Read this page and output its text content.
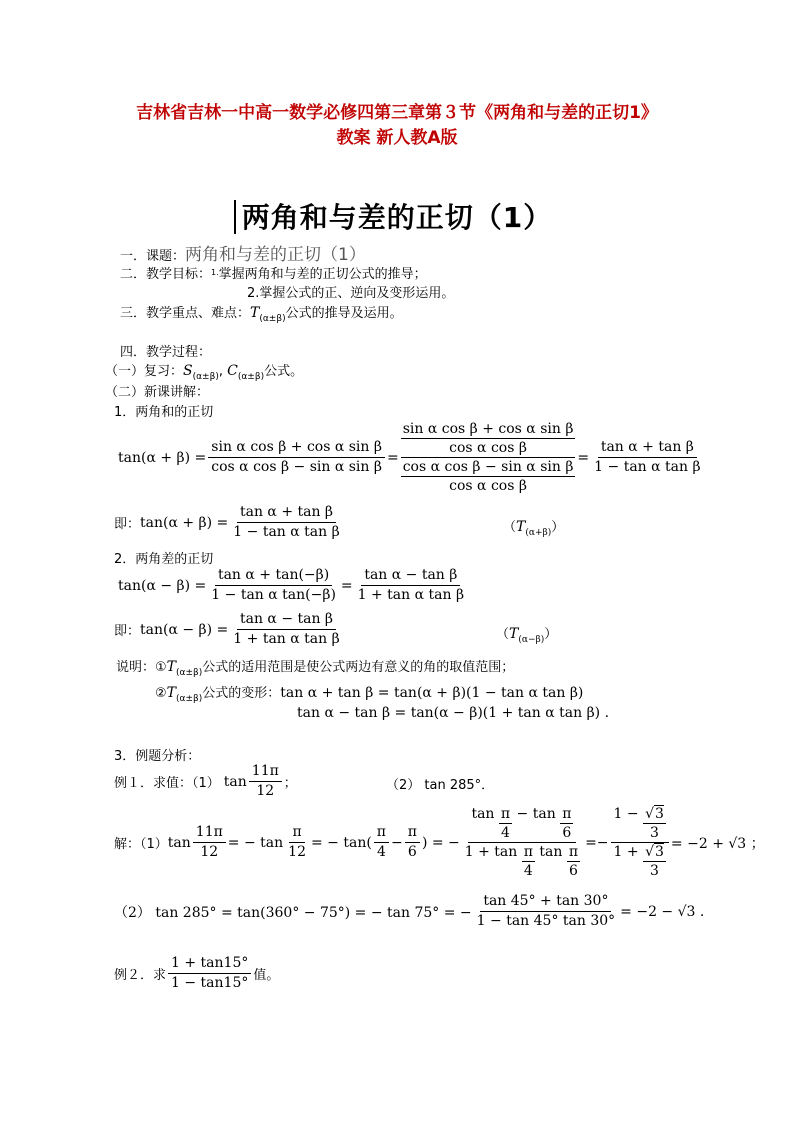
吉林省吉林一中高一数学必修四第三章第３节《两角和与差的正切1》
教案 新人教A版
两角和与差的正切（1）
一．课题：两角和与差的正切（1）
二．教学目标：$^{1.}$掌握两角和与差的正切公式的推导；
2.掌握公式的正、逆向及变形运用。
三．教学重点、难点：$T_{(\alpha\pm\beta)}$公式的推导及运用。
四．教学过程：
（一）复习：$S_{(\alpha\pm\beta)}$, $C_{(\alpha\pm\beta)}$公式。
（二）新课讲解：
1．两角和的正切
$\tan(\alpha + \beta) = \frac{\text{sin α cos β + cos α sin β}}{\text{cos α cos β − sin α sin β}} = \frac{\frac{\text{sin α cos β + cos α sin β}}{\text{cos α cos β}}}{\frac{\text{cos α cos β − sin α sin β}}{\text{cos α cos β}}} = \frac{\text{tan α + tan β}}{\text{1 − tan α tan β}}$
即： $\tan(\alpha + \beta) = \frac{\text{tan α + tan β}}{\text{1 − tan α tan β}}$	$(T_{(\alpha+\beta)})$
2．两角差的正切
$\tan(\alpha - \beta) = \frac{\text{tan α + tan(−β)}}{\text{1 − tan α tan(−β)}} = \frac{\text{tan α − tan β}}{\text{1 + tan α tan β}}$
即： $\tan(\alpha - \beta) = \frac{\text{tan α − tan β}}{\text{1 + tan α tan β}}$	$(T_{(\alpha-\beta)})$
说明：$①T_{(\alpha\pm\beta)}$公式的适用范围是使公式两边有意义的角的取值范围；
$②T_{(\alpha\pm\beta)}$公式的变形：tan α + tan β = tan(α + β)(1 − tan α tan β)
tan α − tan β = tan(α − β)(1 + tan α tan β) .
3．例题分析：
例１．求值：（1） $\tan \frac{11\pi}{12}$ ；	（2） tan 285°．
解：（1） $\tan \frac{11\pi}{12}$ = − $\tan \frac{\pi}{12}$ = − $\tan( \frac{\pi}{4} - \frac{\pi}{6}$ ) = − $\frac{\tan \frac{\pi}{4} - \tan \frac{\pi}{6}}{1 + \tan \frac{\pi}{4} \tan \frac{\pi}{6}}$ = − $\frac{1 - \frac{√3}{3}}{1 + \frac{√3}{3}} = -2 + √3$ ；
（2） tan 285° = tan(360° − 75°) = − tan 75° = − $\frac{\tan 45^\circ + \tan 30^\circ}{1 - \tan 45^\circ \tan 30^\circ} = -2 - √3$ .
例２．求 $\frac{1 + \tan 15^\circ}{1 - \tan 15^\circ}$ 值。
